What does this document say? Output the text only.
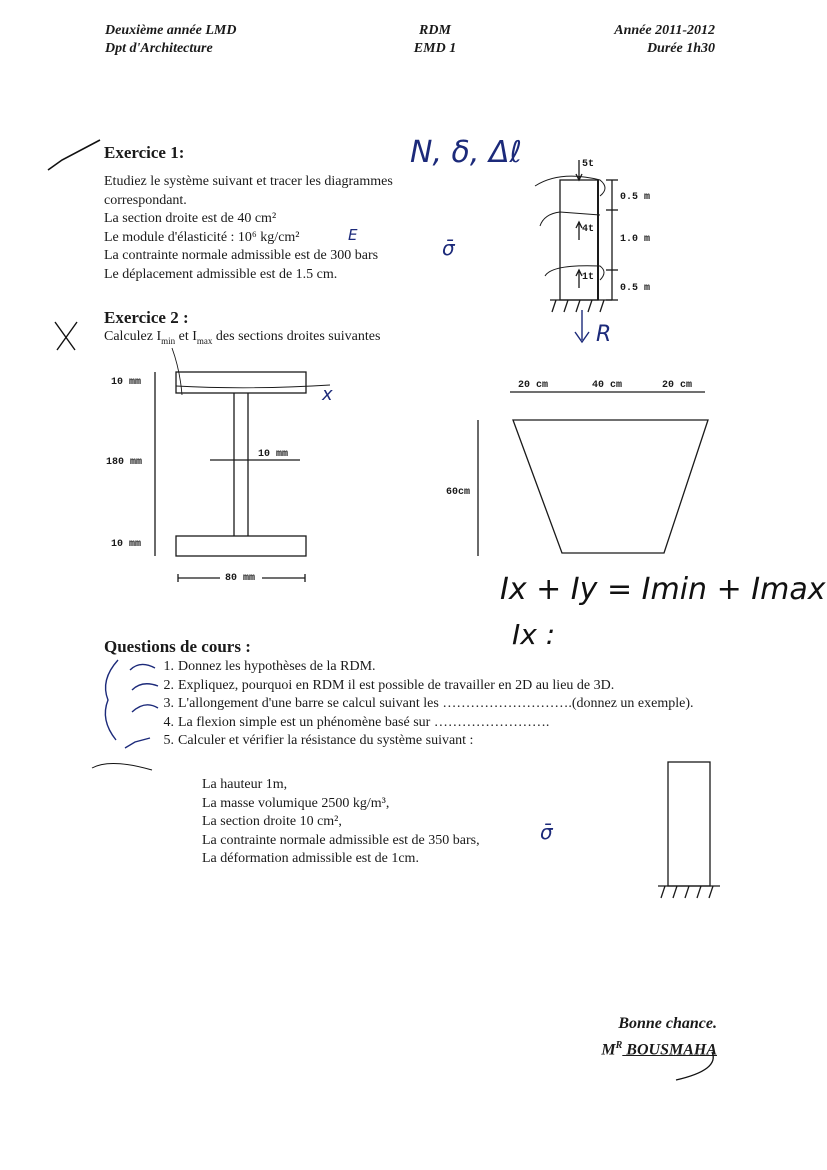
Deuxième année LMD
Dpt d'Architecture
RDM
EMD 1
Année 2011-2012
Durée 1h30
Exercice 1:
Etudiez le système suivant et tracer les diagrammes
correspondant.
La section droite est de 40 cm²
Le module d'élasticité : 10⁶ kg/cm²
La contrainte normale admissible est de 300 bars
Le déplacement admissible est de 1.5 cm.
N, δ, Δℓ
E
σ̄
R
5t
4t
1t
0.5 m
1.0 m
0.5 m
Exercice 2 :
Calculez $I_{min}$ et $I_{max}$ des sections droites suivantes
10 mm
180 mm
10 mm
10 mm
80 mm
20 cm	40 cm	20 cm
60cm
x
Ix + Iy = Imin + Imax
Ix :
Questions de cours :
1. Donnez les hypothèses de la RDM.
2. Expliquez, pourquoi en RDM il est possible de travailler en 2D au lieu de 3D.
3. L'allongement d'une barre se calcul suivant les ……………………….(donnez un exemple).
4. La flexion simple est un phénomène basé sur …………………….
5. Calculer et vérifier la résistance du système suivant :
La hauteur 1m,
La masse volumique 2500 kg/m³,
La section droite 10 cm²,
La contrainte normale admissible est de 350 bars,
La déformation admissible est de 1cm.
σ̄
Bonne chance.
$M^R$ BOUSMAHA
